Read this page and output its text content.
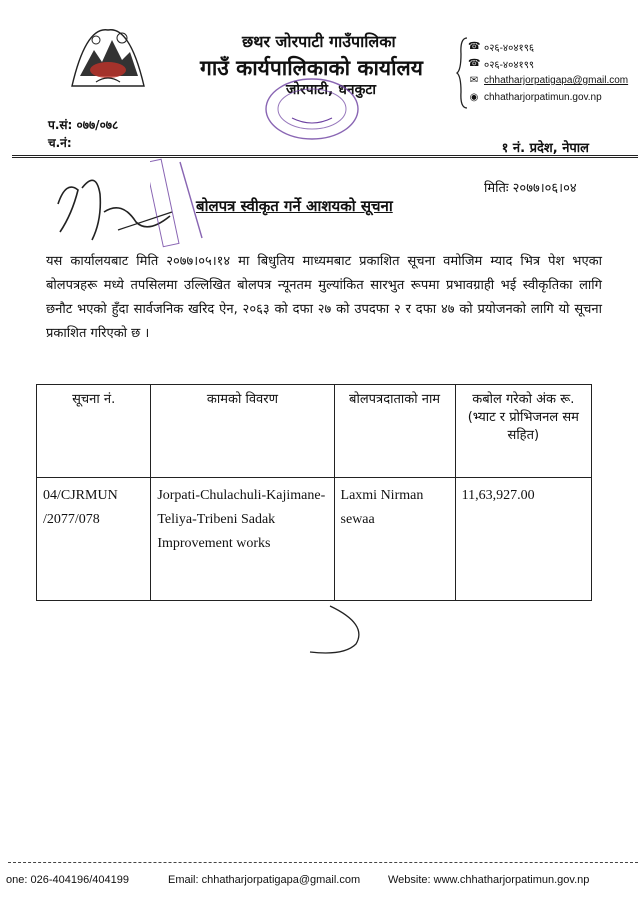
छथर जोरपाटी गाउँपालिका
गाउँ कार्यपालिकाको कार्यालय
जोरपाटी, धनकुटा
प.सं: ०७७/०७८
च.नं:
☎ ०२६-४०४१९६
☎ ०२६-४०४१९९
✉ chhatharjorpatigapa@gmail.com
◉ chhatharjorpatimun.gov.np
१ नं. प्रदेश, नेपाल
मितिः २०७७।०६।०४
बोलपत्र स्वीकृत गर्ने आशयको सूचना
यस कार्यालयबाट मिति २०७७।०५।१४ मा बिधुतिय माध्यमबाट प्रकाशित सूचना वमोजिम म्याद भित्र पेश भएका बोलपत्रहरू मध्ये तपसिलमा उल्लिखित बोलपत्र न्यूनतम मुल्यांकित सारभुत रूपमा प्रभावग्राही भई स्वीकृतिका लागि छनौट भएको हुँदा सार्वजनिक खरिद ऐन, २०६३ को दफा २७ को उपदफा २ र दफा ४७ को प्रयोजनको लागि यो सूचना प्रकाशित गरिएको छ ।
सूचना नं.	कामको विवरण	बोलपत्रदाताको नाम	कबोल गरेको अंक रू. (भ्याट र प्रोभिजनल सम सहित)
04/CJRMUN /2077/078	Jorpati-Chulachuli-Kajimane-Teliya-Tribeni Sadak Improvement works	Laxmi Nirman sewaa	11,63,927.00
one: 026-404196/404199	Email: chhatharjorpatigapa@gmail.com	Website: www.chhatharjorpatimun.gov.np
